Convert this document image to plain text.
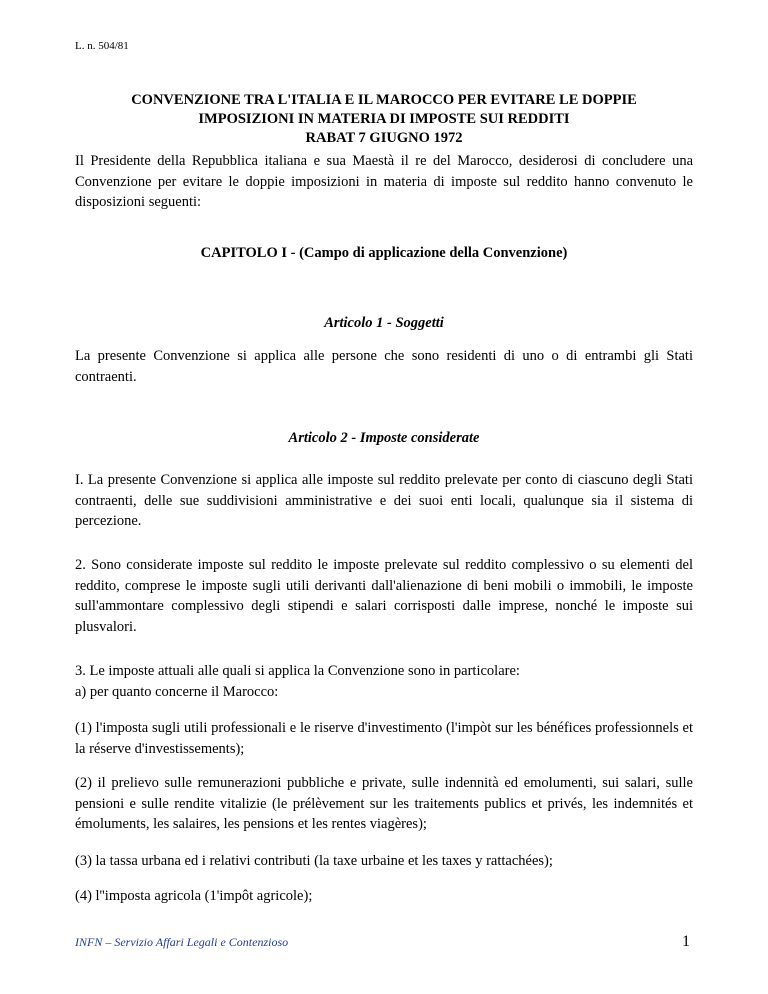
L. n. 504/81
CONVENZIONE TRA L'ITALIA E IL MAROCCO PER EVITARE LE DOPPIE
IMPOSIZIONI IN MATERIA DI IMPOSTE SUI REDDITI
RABAT 7 GIUGNO 1972
Il Presidente della Repubblica italiana e sua Maestà il re del Marocco, desiderosi di concludere una Convenzione per evitare le doppie imposizioni in materia di imposte sul reddito hanno convenuto le disposizioni seguenti:
CAPITOLO I - (Campo di applicazione della Convenzione)
Articolo 1 - Soggetti
La presente Convenzione si applica alle persone che sono residenti di uno o di entrambi gli Stati contraenti.
Articolo 2 - Imposte considerate
I. La presente Convenzione si applica alle imposte sul reddito prelevate per conto di ciascuno degli Stati contraenti, delle sue suddivisioni amministrative e dei suoi enti locali, qualunque sia il sistema di percezione.
2. Sono considerate imposte sul reddito le imposte prelevate sul reddito complessivo o su elementi del reddito, comprese le imposte sugli utili derivanti dall'alienazione di beni mobili o immobili, le imposte sull'ammontare complessivo degli stipendi e salari corrisposti dalle imprese, nonché le imposte sui plusvalori.
3. Le imposte attuali alle quali si applica la Convenzione sono in particolare:
a) per quanto concerne il Marocco:
(1) l'imposta sugli utili professionali e le riserve d'investimento (l'impòt sur les bénéfices professionnels et la réserve d'investissements);
(2) il prelievo sulle remunerazioni pubbliche e private, sulle indennità ed emolumenti, sui salari, sulle pensioni e sulle rendite vitalizie (le prélèvement sur les traitements publics et privés, les indemnités et émoluments, les salaires, les pensions et les rentes viagères);
(3) la tassa urbana ed i relativi contributi (la taxe urbaine et les taxes y rattachées);
(4) l''imposta agricola (1'impôt agricole);
INFN – Servizio Affari Legali e Contenzioso	1
